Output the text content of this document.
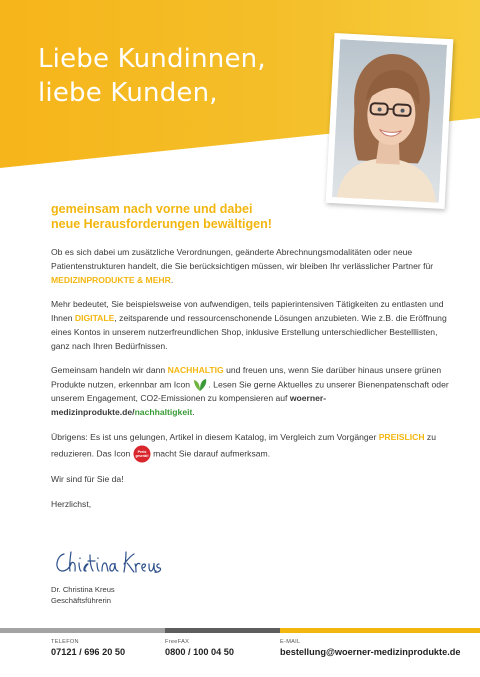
Liebe Kundinnen,
liebe Kunden,
gemeinsam nach vorne und dabei
neue Herausforderungen bewältigen!

Ob es sich dabei um zusätzliche Verordnungen, geänderte Abrechnungsmodalitäten oder neue Patientenstrukturen handelt, die Sie berücksichtigen müssen, wir bleiben Ihr verlässlicher Partner für MEDIZINPRODUKTE & MEHR.

Mehr bedeutet, Sie beispielsweise von aufwendigen, teils papierintensiven Tätigkeiten zu entlasten und Ihnen DIGITALE, zeitsparende und ressourcenschonende Lösungen anzubieten. Wie z.B. die Eröffnung eines Kontos in unserem nutzerfreundlichen Shop, inklusive Erstellung unterschiedlicher Bestelllisten, ganz nach Ihren Bedürfnissen.

Gemeinsam handeln wir dann NACHHALTIG und freuen uns, wenn Sie darüber hinaus unsere grünen Produkte nutzen, erkennbar am Icon . Lesen Sie gerne Aktuelles zu unserer Bienenpatenschaft oder unserem Engagement, CO2-Emissionen zu kompensieren auf woerner-medizinprodukte.de/nachhaltigkeit.

Übrigens: Es ist uns gelungen, Artikel in diesem Katalog, im Vergleich zum Vorgänger PREISLICH zu reduzieren. Das Icon Preis
gesenkt! macht Sie darauf aufmerksam.

Wir sind für Sie da!

Herzlichst,

Dr. Christina Kreus
Geschäftsführerin
TELEFON
07121 / 696 20 50
FreeFAX
0800 / 100 04 50
E-MAIL
bestellung@woerner-medizinprodukte.de
